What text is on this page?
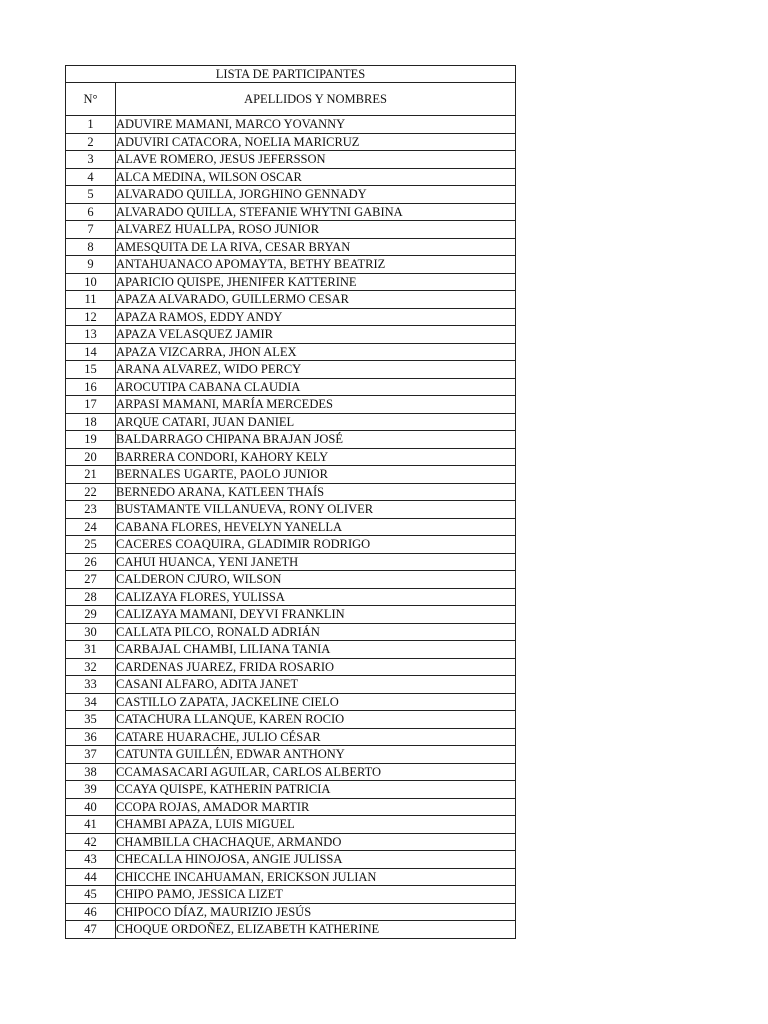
LISTA DE PARTICIPANTES	
N°	APELLIDOS Y NOMBRES
1	ADUVIRE MAMANI, MARCO YOVANNY
2	ADUVIRI CATACORA, NOELIA MARICRUZ
3	ALAVE ROMERO, JESUS JEFERSSON
4	ALCA MEDINA, WILSON OSCAR
5	ALVARADO QUILLA, JORGHINO GENNADY
6	ALVARADO QUILLA, STEFANIE WHYTNI GABINA
7	ALVAREZ HUALLPA, ROSO JUNIOR
8	AMESQUITA DE LA RIVA, CESAR BRYAN
9	ANTAHUANACO APOMAYTA, BETHY BEATRIZ
10	APARICIO QUISPE, JHENIFER KATTERINE
11	APAZA ALVARADO, GUILLERMO CESAR
12	APAZA RAMOS, EDDY ANDY
13	APAZA VELASQUEZ JAMIR
14	APAZA VIZCARRA, JHON ALEX
15	ARANA ALVAREZ, WIDO PERCY
16	AROCUTIPA CABANA CLAUDIA
17	ARPASI MAMANI, MARÍA MERCEDES
18	ARQUE CATARI, JUAN DANIEL
19	BALDARRAGO CHIPANA BRAJAN JOSÉ
20	BARRERA CONDORI, KAHORY KELY
21	BERNALES UGARTE, PAOLO JUNIOR
22	BERNEDO ARANA, KATLEEN THAÍS
23	BUSTAMANTE VILLANUEVA, RONY OLIVER
24	CABANA FLORES, HEVELYN YANELLA
25	CACERES COAQUIRA, GLADIMIR RODRIGO
26	CAHUI HUANCA, YENI JANETH
27	CALDERON CJURO, WILSON
28	CALIZAYA FLORES, YULISSA
29	CALIZAYA MAMANI, DEYVI FRANKLIN
30	CALLATA PILCO, RONALD ADRIÁN
31	CARBAJAL CHAMBI, LILIANA TANIA
32	CARDENAS JUAREZ, FRIDA ROSARIO
33	CASANI ALFARO, ADITA JANET
34	CASTILLO ZAPATA, JACKELINE CIELO
35	CATACHURA LLANQUE, KAREN ROCIO
36	CATARE HUARACHE, JULIO CÉSAR
37	CATUNTA GUILLÉN, EDWAR ANTHONY
38	CCAMASACARI AGUILAR, CARLOS ALBERTO
39	CCAYA QUISPE, KATHERIN PATRICIA
40	CCOPA ROJAS, AMADOR MARTIR
41	CHAMBI APAZA, LUIS MIGUEL
42	CHAMBILLA CHACHAQUE, ARMANDO
43	CHECALLA HINOJOSA, ANGIE JULISSA
44	CHICCHE INCAHUAMAN, ERICKSON JULIAN
45	CHIPO PAMO, JESSICA LIZET
46	CHIPOCO DÍAZ, MAURIZIO JESÚS
47	CHOQUE ORDOÑEZ, ELIZABETH KATHERINE
